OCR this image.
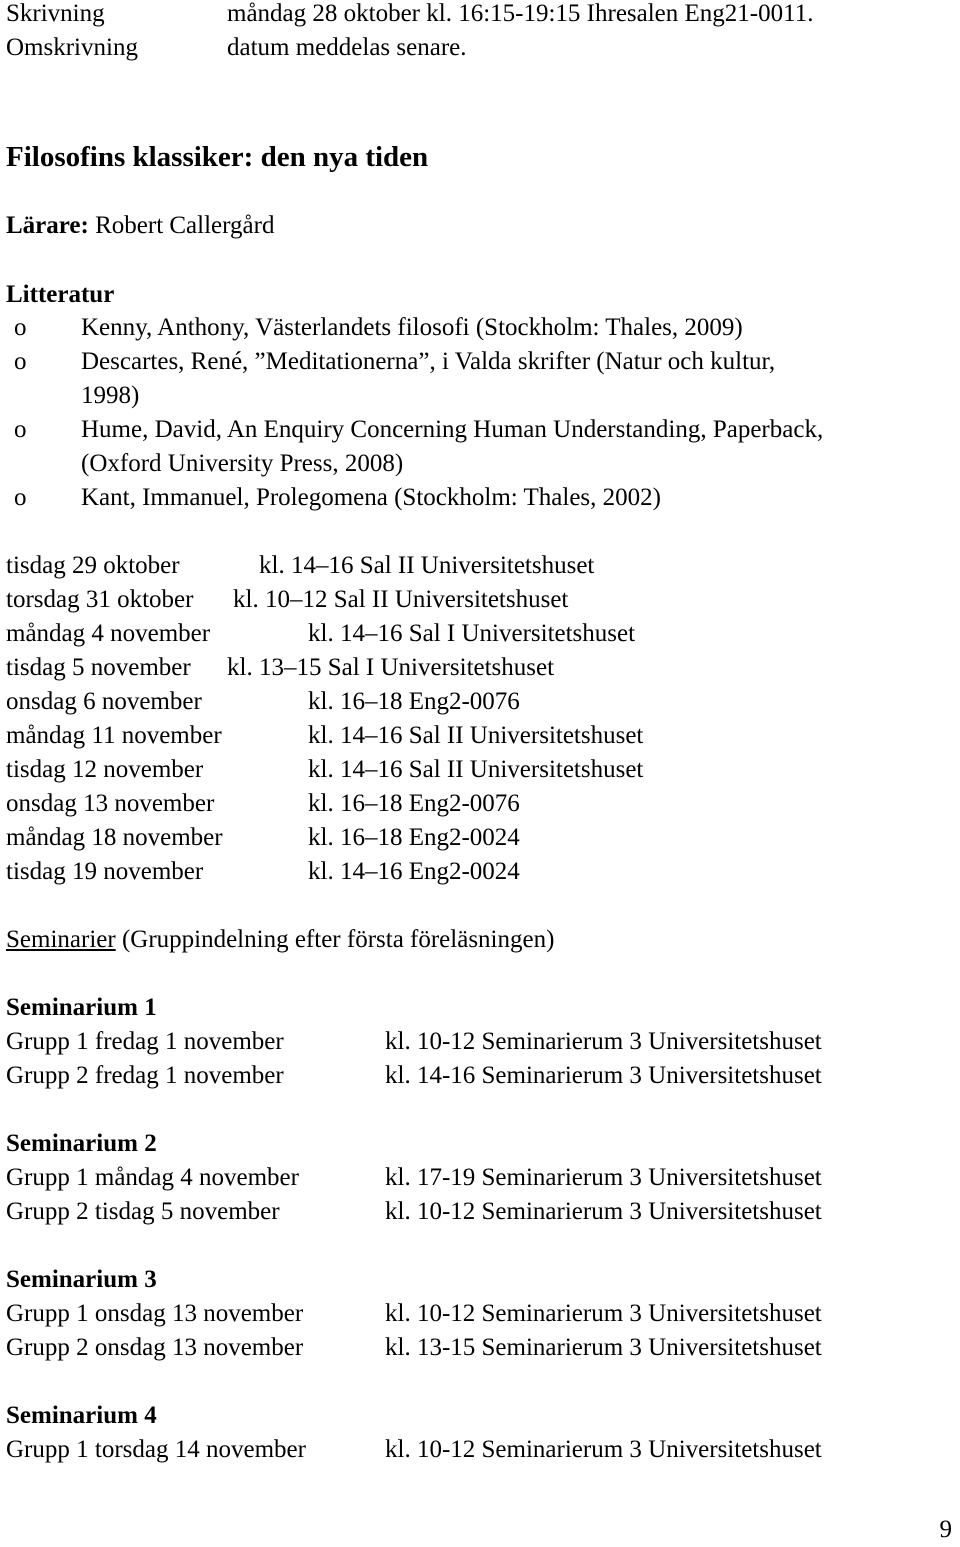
Skrivning	måndag 28 oktober kl. 16:15-19:15 Ihresalen Eng21-0011.
Omskrivning	datum meddelas senare.
Filosofins klassiker: den nya tiden
Lärare: Robert Callergård
Litteratur
o Kenny, Anthony, Västerlandets filosofi (Stockholm: Thales, 2009)
o Descartes, René, ”Meditationerna”, i Valda skrifter (Natur och kultur,
1998)
o Hume, David, An Enquiry Concerning Human Understanding, Paperback,
(Oxford University Press, 2008)
o Kant, Immanuel, Prolegomena (Stockholm: Thales, 2002)
tisdag 29 oktober	kl. 14–16 Sal II Universitetshuset
torsdag 31 oktober kl. 10–12 Sal II Universitetshuset
måndag 4 november	kl. 14–16 Sal I Universitetshuset
tisdag 5 november kl. 13–15 Sal I Universitetshuset
onsdag 6 november	kl. 16–18 Eng2-0076
måndag 11 november	kl. 14–16 Sal II Universitetshuset
tisdag 12 november	kl. 14–16 Sal II Universitetshuset
onsdag 13 november	kl. 16–18 Eng2-0076
måndag 18 november	kl. 16–18 Eng2-0024
tisdag 19 november	kl. 14–16 Eng2-0024
Seminarier (Gruppindelning efter första föreläsningen)
Seminarium 1
Grupp 1 fredag 1 november	kl. 10-12 Seminarierum 3 Universitetshuset
Grupp 2 fredag 1 november	kl. 14-16 Seminarierum 3 Universitetshuset
Seminarium 2
Grupp 1 måndag 4 november	kl. 17-19 Seminarierum 3 Universitetshuset
Grupp 2 tisdag 5 november	kl. 10-12 Seminarierum 3 Universitetshuset
Seminarium 3
Grupp 1 onsdag 13 november	kl. 10-12 Seminarierum 3 Universitetshuset
Grupp 2 onsdag 13 november	kl. 13-15 Seminarierum 3 Universitetshuset
Seminarium 4
Grupp 1 torsdag 14 november	kl. 10-12 Seminarierum 3 Universitetshuset
9
